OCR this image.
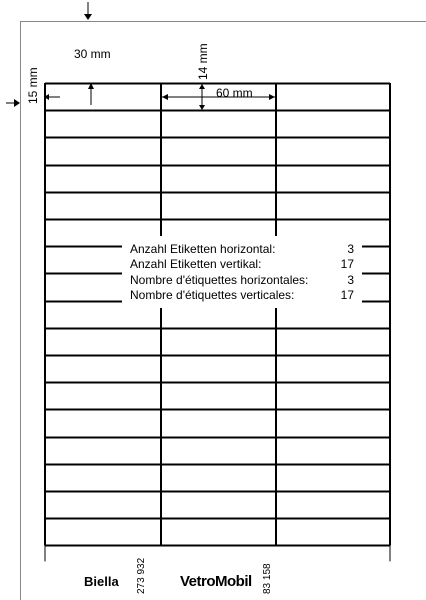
30 mm
15 mm
14 mm
60 mm
Anzahl Etiketten horizontal:	3
Anzahl Etiketten vertikal:	17
Nombre d'étiquettes horizontales:	3
Nombre d'étiquettes verticales:	17
Biella 273 932 VetroMobil 83 158
